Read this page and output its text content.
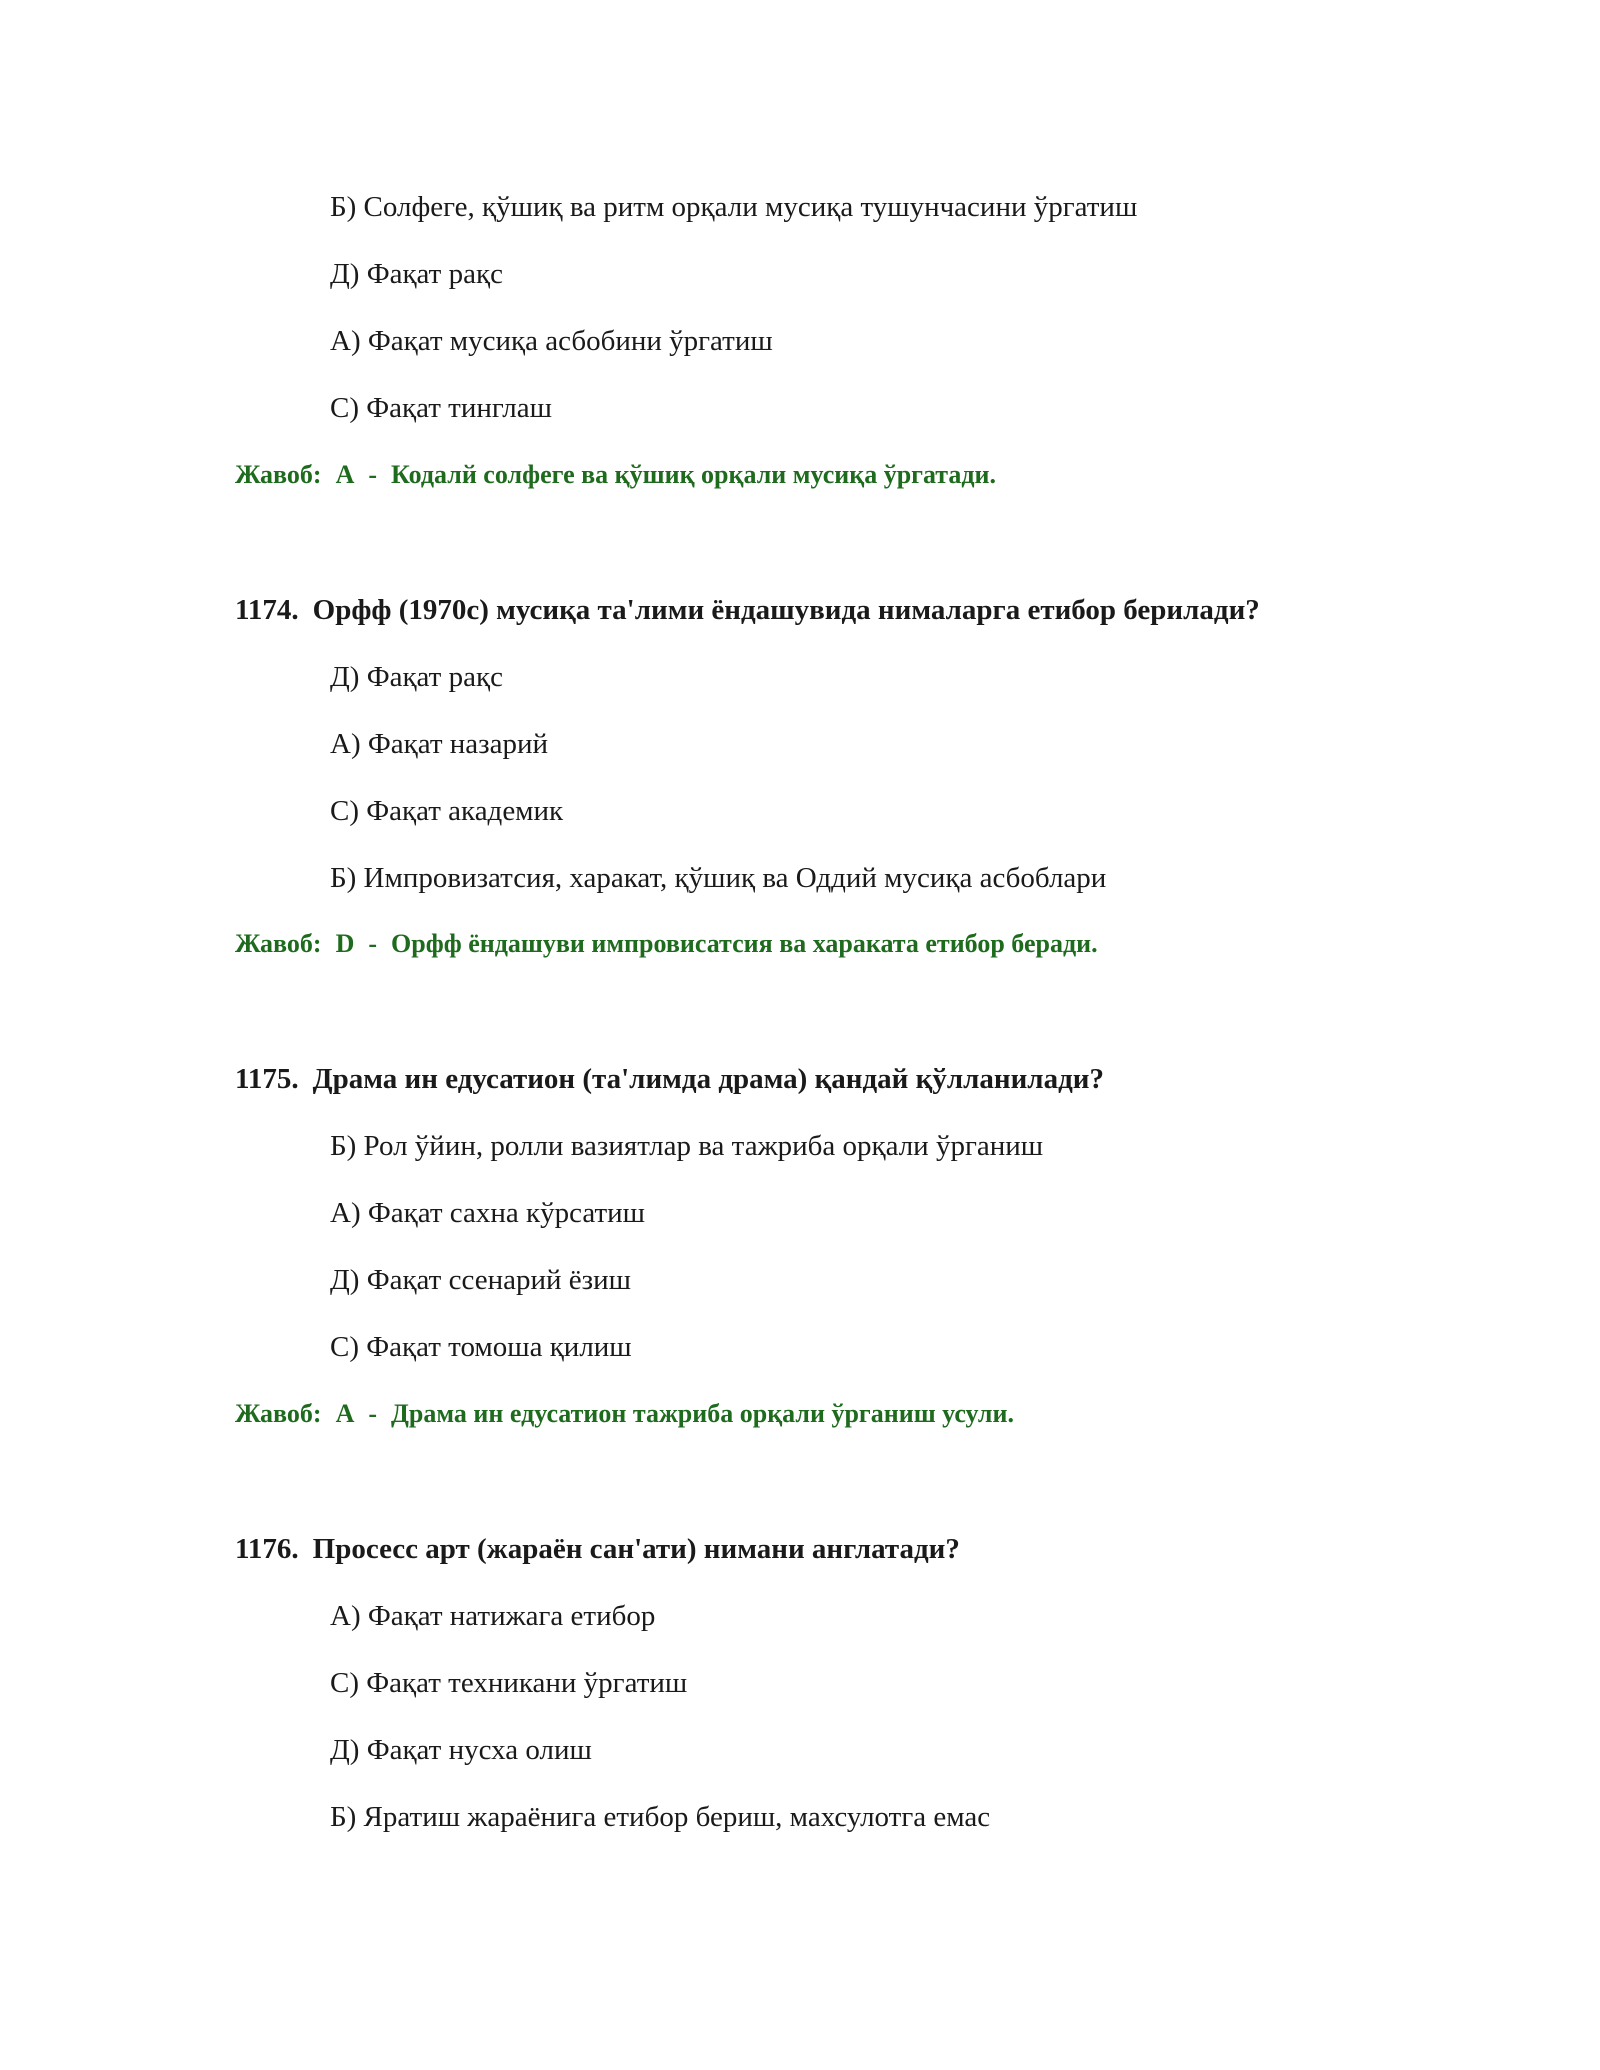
Б) Солфеге, қўшиқ ва ритм орқали мусиқа тушунчасини ўргатиш
Д) Фақат рақс
А) Фақат мусиқа асбобини ўргатиш
С) Фақат тинглаш
Жавоб: A - Кодалй солфеге ва қўшиқ орқали мусиқа ўргатади.
1174. Орфф (1970с) мусиқа та'лими ёндашувида нималарга етибор берилади?
Д) Фақат рақс
А) Фақат назарий
С) Фақат академик
Б) Импровизатсия, харакат, қўшиқ ва Оддий мусиқа асбоблари
Жавоб: D - Орфф ёндашуви импровисатсия ва хараката етибор беради.
1175. Драма ин едусатион (та'лимда драма) қандай қўлланилади?
Б) Рол ўйин, ролли вазиятлар ва тажриба орқали ўрганиш
А) Фақат сахна кўрсатиш
Д) Фақат ссенарий ёзиш
С) Фақат томоша қилиш
Жавоб: A - Драма ин едусатион тажриба орқали ўрганиш усули.
1176. Просесс арт (жараён сан'ати) нимани англатади?
А) Фақат натижага етибор
С) Фақат техникани ўргатиш
Д) Фақат нусха олиш
Б) Яратиш жараёнига етибор бериш, махсулотга емас
